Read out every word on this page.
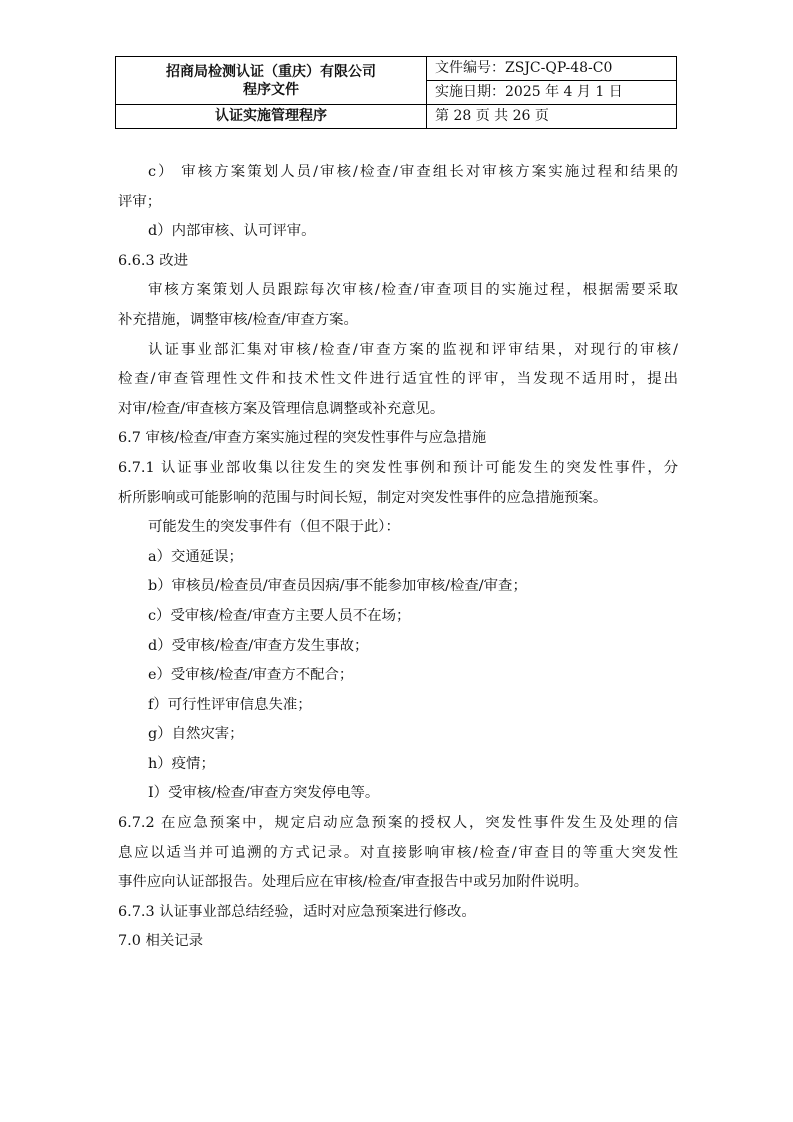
招商局检测认证（重庆）有限公司
程序文件	文件编号：ZSJC-QP-48-C0
	实施日期：2025 年 4 月 1 日
认证实施管理程序	第 28 页 共 26 页

c） 审核方案策划人员/审核/检查/审查组长对审核方案实施过程和结果的

评审；

d）内部审核、认可评审。

6.6.3 改进

审核方案策划人员跟踪每次审核/检查/审查项目的实施过程，根据需要采取

补充措施，调整审核/检查/审查方案。

认证事业部汇集对审核/检查/审查方案的监视和评审结果，对现行的审核/

检查/审查管理性文件和技术性文件进行适宜性的评审，当发现不适用时，提出

对审/检查/审查核方案及管理信息调整或补充意见。

6.7 审核/检查/审查方案实施过程的突发性事件与应急措施

6.7.1 认证事业部收集以往发生的突发性事例和预计可能发生的突发性事件，分

析所影响或可能影响的范围与时间长短，制定对突发性事件的应急措施预案。

可能发生的突发事件有（但不限于此）：

a）交通延误；

b）审核员/检查员/审查员因病/事不能参加审核/检查/审查；

c）受审核/检查/审查方主要人员不在场；

d）受审核/检查/审查方发生事故；

e）受审核/检查/审查方不配合；

f）可行性评审信息失准；

g）自然灾害；

h）疫情；

I）受审核/检查/审查方突发停电等。

6.7.2 在应急预案中，规定启动应急预案的授权人，突发性事件发生及处理的信

息应以适当并可追溯的方式记录。对直接影响审核/检查/审查目的等重大突发性

事件应向认证部报告。处理后应在审核/检查/审查报告中或另加附件说明。

6.7.3 认证事业部总结经验，适时对应急预案进行修改。

7.0 相关记录
